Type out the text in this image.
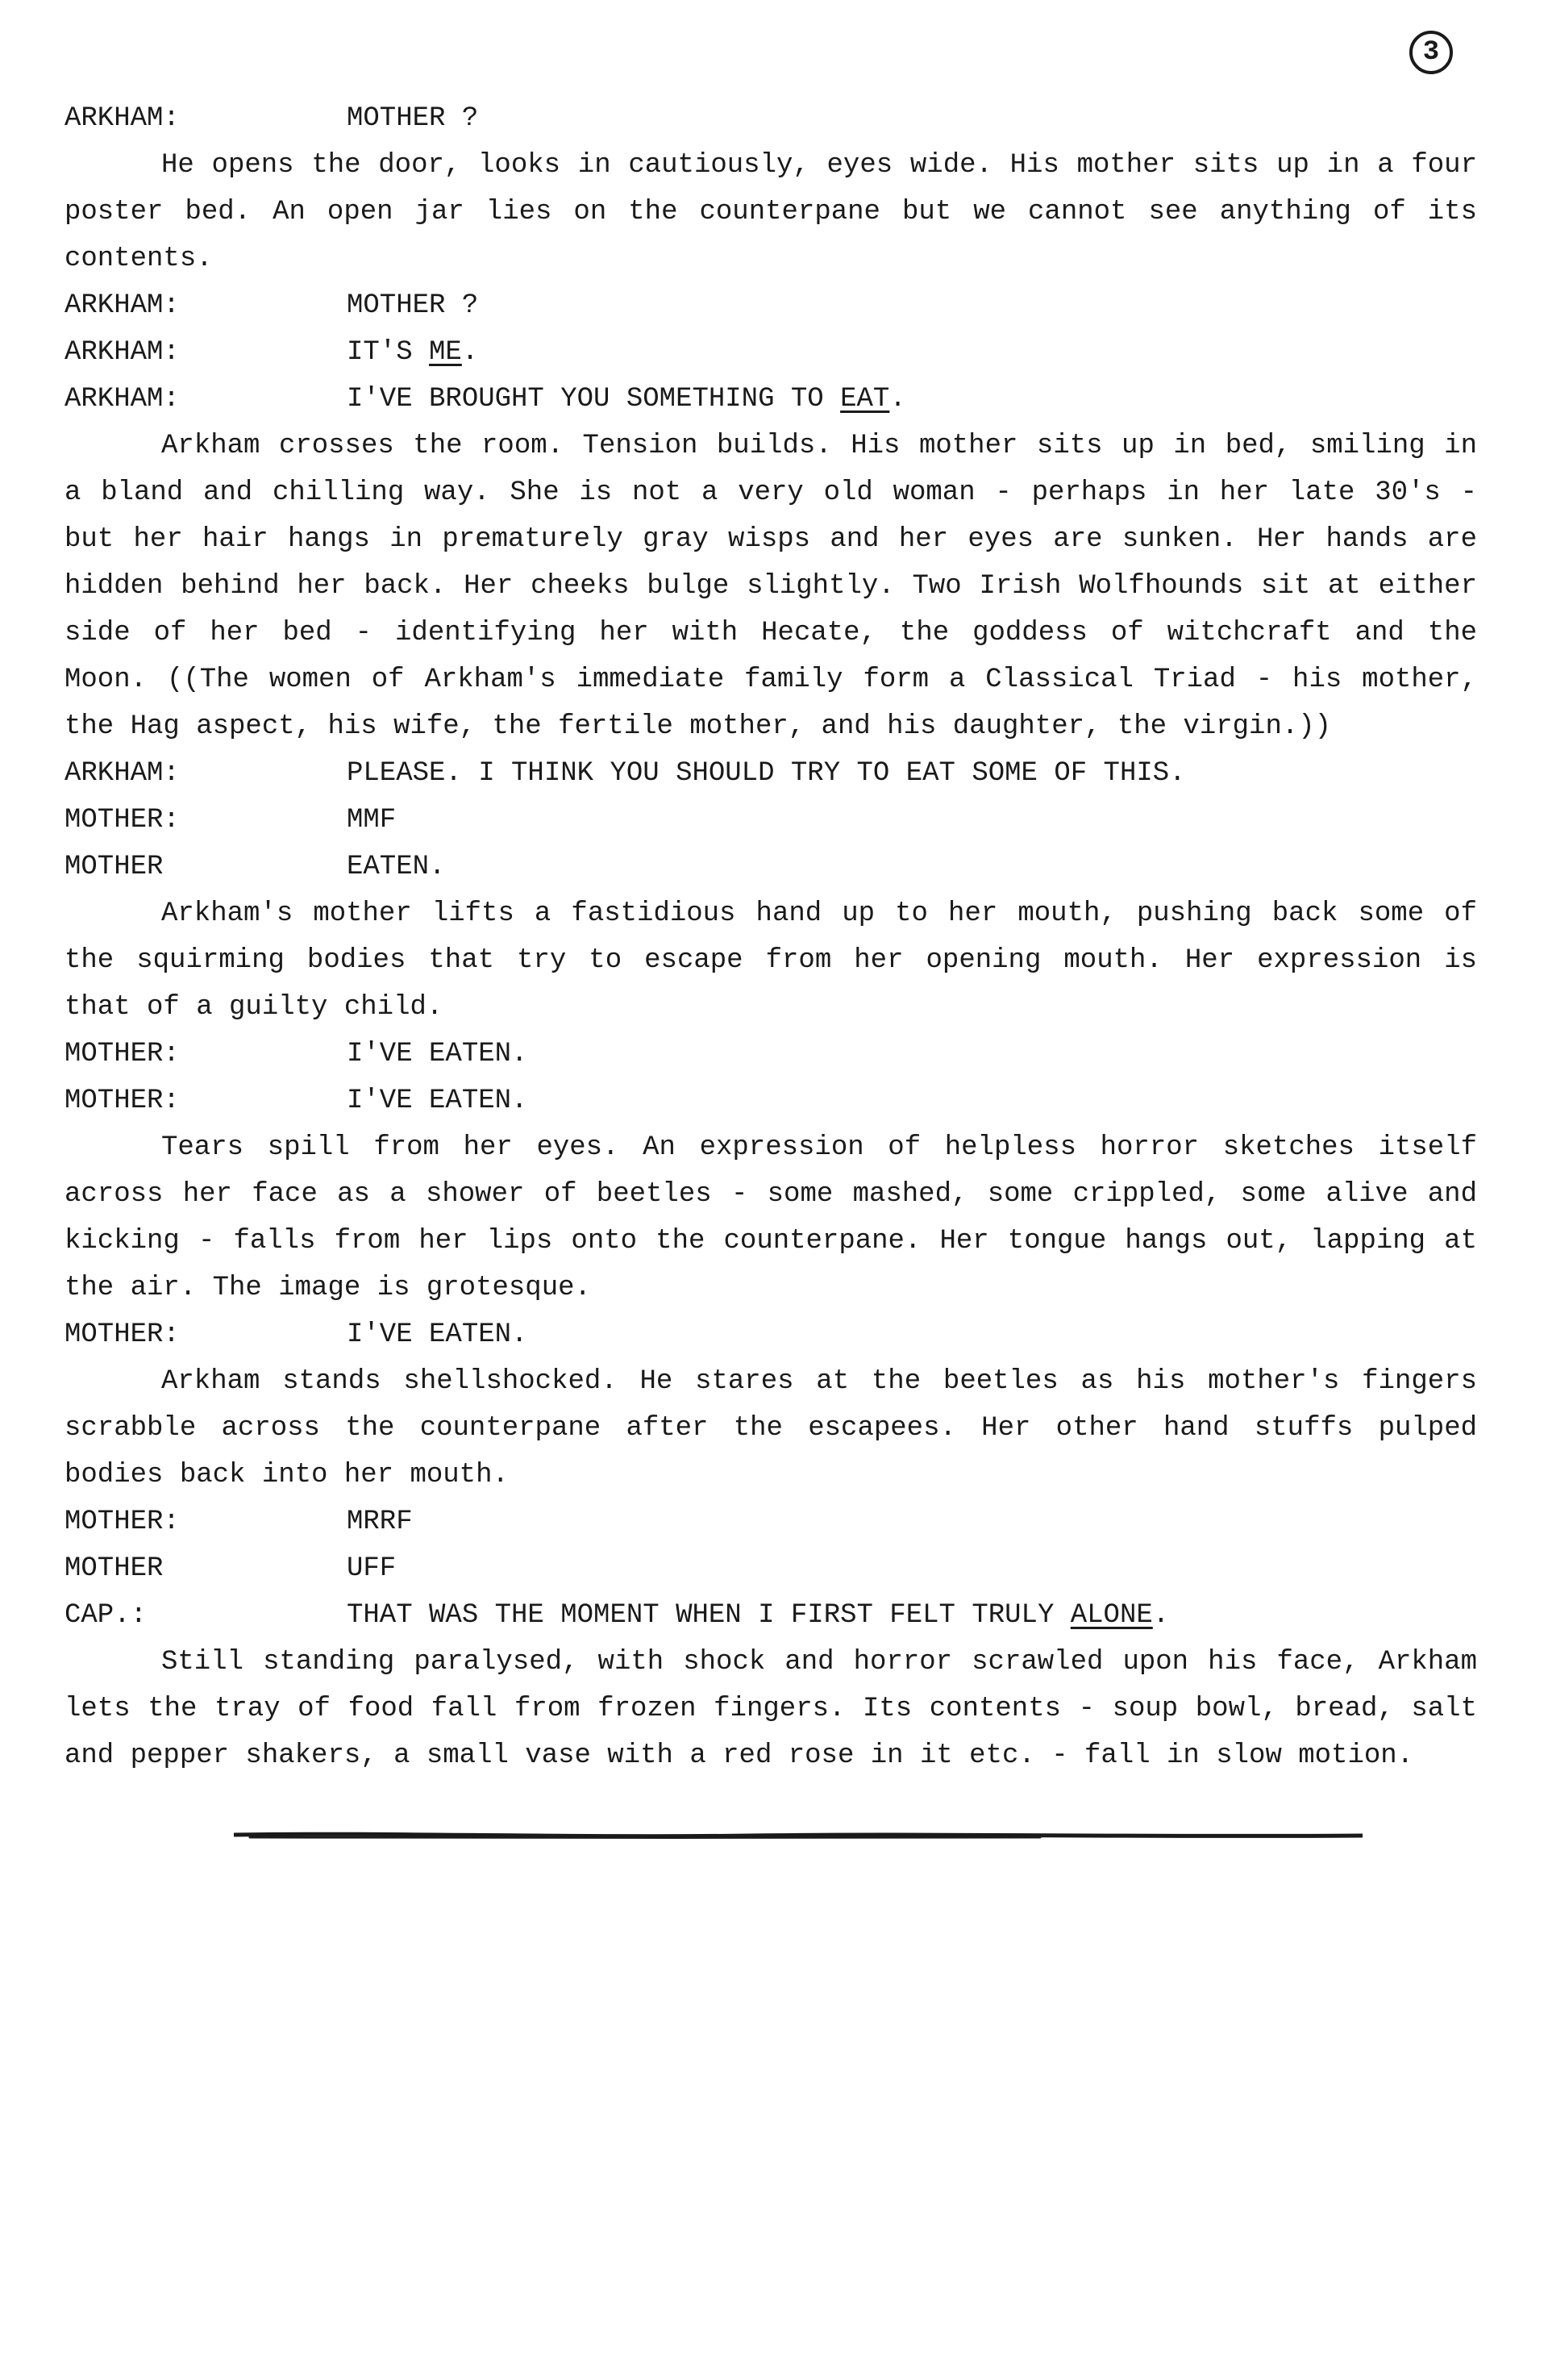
3
ARKHAM:	MOTHER ?

He opens the door, looks in cautiously, eyes wide. His mother sits up in a four poster bed. An open jar lies on the counterpane but we cannot see anything of its contents.

ARKHAM:	MOTHER ?
ARKHAM:	IT'S ME.
ARKHAM:	I'VE BROUGHT YOU SOMETHING TO EAT.

Arkham crosses the room. Tension builds. His mother sits up in bed, smiling in a bland and chilling way. She is not a very old woman - perhaps in her late 30's - but her hair hangs in prematurely gray wisps and her eyes are sunken. Her hands are hidden behind her back. Her cheeks bulge slightly. Two Irish Wolfhounds sit at either side of her bed - identifying her with Hecate, the goddess of witchcraft and the Moon. ((The women of Arkham's immediate family form a Classical Triad - his mother, the Hag aspect, his wife, the fertile mother, and his daughter, the virgin.))

ARKHAM:	PLEASE. I THINK YOU SHOULD TRY TO EAT SOME OF THIS.
MOTHER:	MMF
MOTHER	EATEN.

Arkham's mother lifts a fastidious hand up to her mouth, pushing back some of the squirming bodies that try to escape from her opening mouth. Her expression is that of a guilty child.

MOTHER:	I'VE EATEN.
MOTHER:	I'VE EATEN.

Tears spill from her eyes. An expression of helpless horror sketches itself across her face as a shower of beetles - some mashed, some crippled, some alive and kicking - falls from her lips onto the counterpane. Her tongue hangs out, lapping at the air. The image is grotesque.

MOTHER:	I'VE EATEN.

Arkham stands shellshocked. He stares at the beetles as his mother's fingers scrabble across the counterpane after the escapees. Her other hand stuffs pulped bodies back into her mouth.

MOTHER:	MRRF
MOTHER	UFF
CAP.:	THAT WAS THE MOMENT WHEN I FIRST FELT TRULY ALONE.

Still standing paralysed, with shock and horror scrawled upon his face, Arkham lets the tray of food fall from frozen fingers. Its contents - soup bowl, bread, salt and pepper shakers, a small vase with a red rose in it etc. - fall in slow motion.
